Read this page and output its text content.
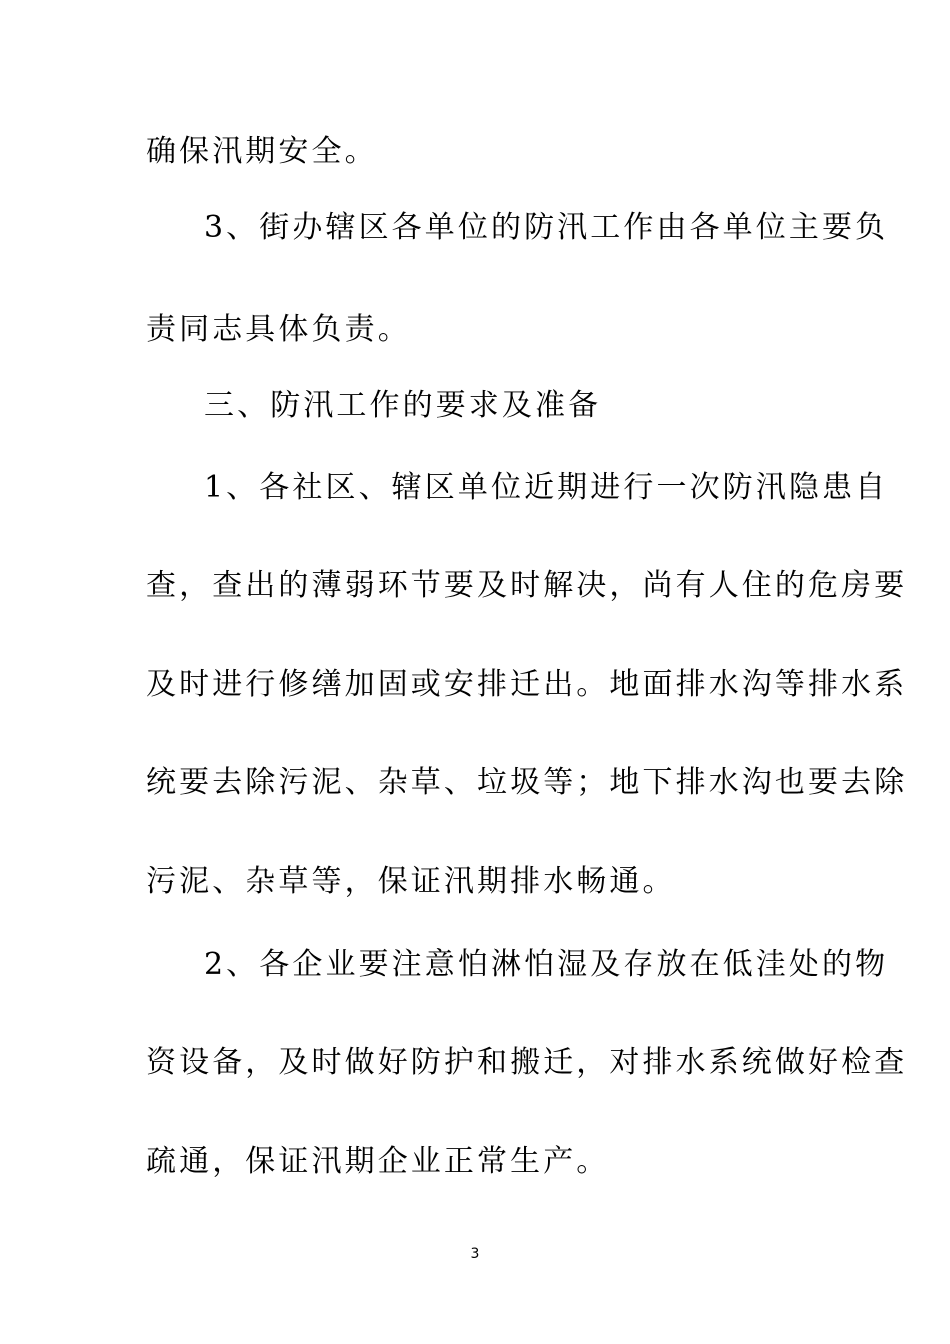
确保汛期安全。
3、街办辖区各单位的防汛工作由各单位主要负
责同志具体负责。
三、防汛工作的要求及准备
1、各社区、辖区单位近期进行一次防汛隐患自
查，查出的薄弱环节要及时解决，尚有人住的危房要
及时进行修缮加固或安排迁出。地面排水沟等排水系
统要去除污泥、杂草、垃圾等；地下排水沟也要去除
污泥、杂草等，保证汛期排水畅通。
2、各企业要注意怕淋怕湿及存放在低洼处的物
资设备，及时做好防护和搬迁，对排水系统做好检查
疏通，保证汛期企业正常生产。
3
